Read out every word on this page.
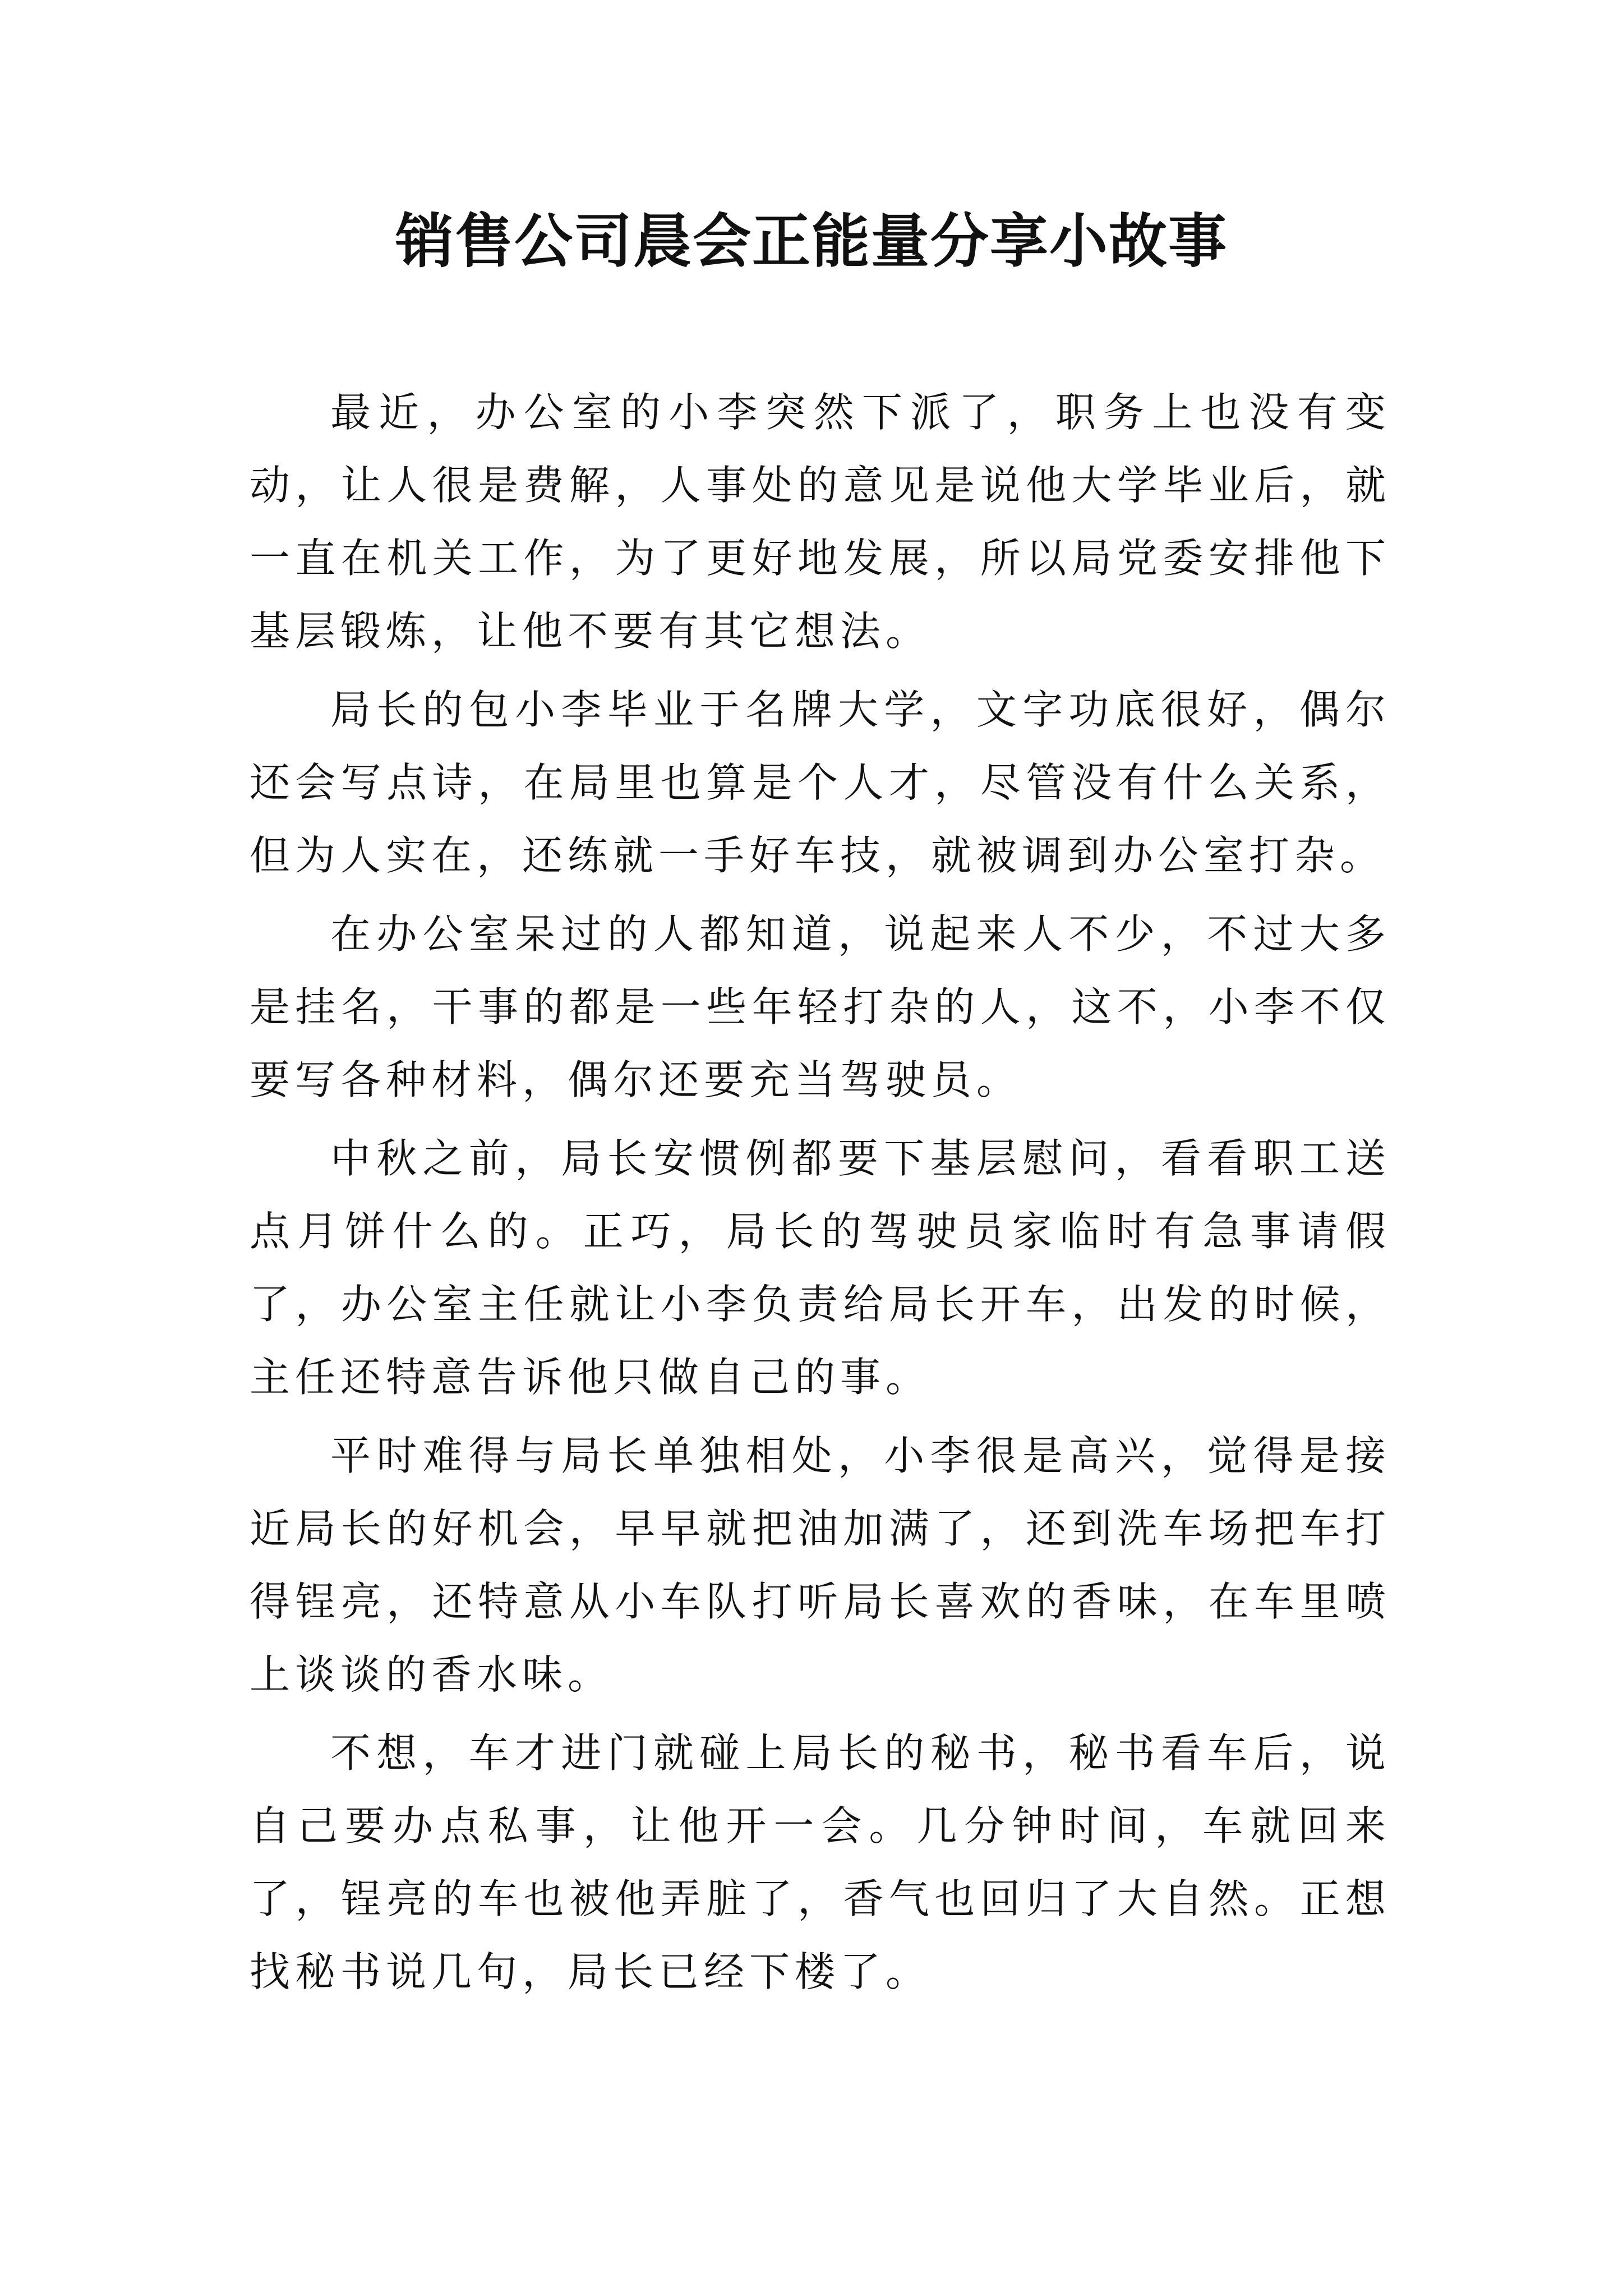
销售公司晨会正能量分享小故事

最近，办公室的小李突然下派了，职务上也没有变动，让人很是费解，人事处的意见是说他大学毕业后，就一直在机关工作，为了更好地发展，所以局党委安排他下基层锻炼，让他不要有其它想法。

局长的包小李毕业于名牌大学，文字功底很好，偶尔还会写点诗，在局里也算是个人才，尽管没有什么关系，但为人实在，还练就一手好车技，就被调到办公室打杂。

在办公室呆过的人都知道，说起来人不少，不过大多是挂名，干事的都是一些年轻打杂的人，这不，小李不仅要写各种材料，偶尔还要充当驾驶员。

中秋之前，局长安惯例都要下基层慰问，看看职工送点月饼什么的。正巧，局长的驾驶员家临时有急事请假了，办公室主任就让小李负责给局长开车，出发的时候，主任还特意告诉他只做自己的事。

平时难得与局长单独相处，小李很是高兴，觉得是接近局长的好机会，早早就把油加满了，还到洗车场把车打得锃亮，还特意从小车队打听局长喜欢的香味，在车里喷上谈谈的香水味。

不想，车才进门就碰上局长的秘书，秘书看车后，说自己要办点私事，让他开一会。几分钟时间，车就回来了，锃亮的车也被他弄脏了，香气也回归了大自然。正想找秘书说几句，局长已经下楼了。
